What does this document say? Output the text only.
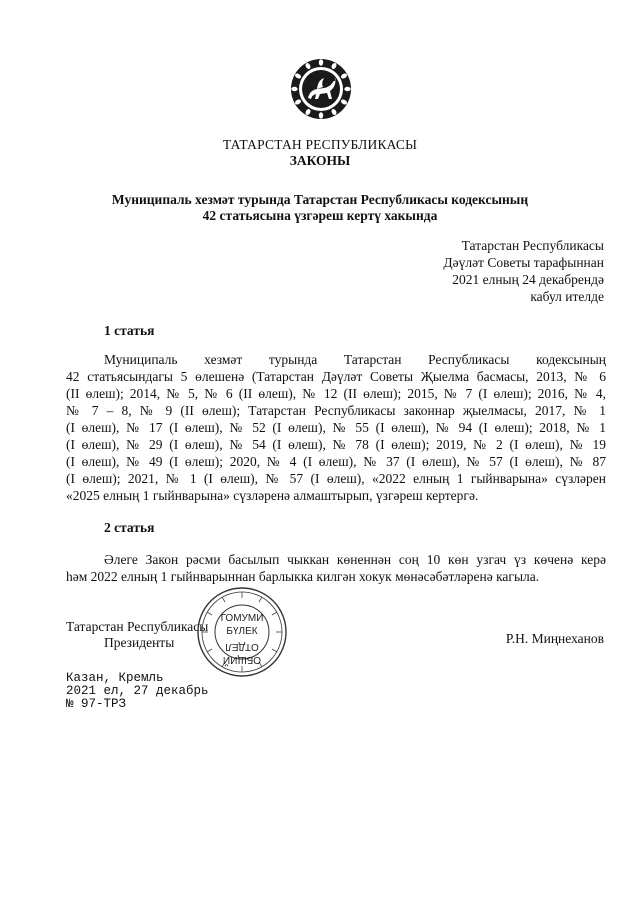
ТАТАРСТАН РЕСПУБЛИКАСЫ
ЗАКОНЫ
Муниципаль хезмәт турында Татарстан Республикасы кодексының
42 статьясына үзгәреш кертү хакында
Татарстан Республикасы
Дәүләт Советы тарафыннан
2021 елның 24 декабрендә
кабул ителде
1 статья
Муниципаль хезмәт турында Татарстан Республикасы кодексының
42 статьясындагы 5 өлешенә (Татарстан Дәүләт Советы Җыелма басмасы, 2013, № 6
(II өлеш); 2014, № 5, № 6 (II өлеш), № 12 (II өлеш); 2015, № 7 (I өлеш); 2016, № 4,
№ 7 – 8, № 9 (II өлеш); Татарстан Республикасы законнар җыелмасы, 2017, № 1
(I өлеш), № 17 (I өлеш), № 52 (I өлеш), № 55 (I өлеш), № 94 (I өлеш); 2018, № 1
(I өлеш), № 29 (I өлеш), № 54 (I өлеш), № 78 (I өлеш); 2019, № 2 (I өлеш), № 19
(I өлеш), № 49 (I өлеш); 2020, № 4 (I өлеш), № 37 (I өлеш), № 57 (I өлеш), № 87
(I өлеш); 2021, № 1 (I өлеш), № 57 (I өлеш), «2022 елның 1 гыйнварына» сүзләрен
«2025 елның 1 гыйнварына» сүзләренә алмаштырып, үзгәреш кертергә.
2 статья
Әлеге Закон рәсми басылып чыккан көненнән соң 10 көн узгач үз көченә керә
һәм 2022 елның 1 гыйнварыннан барлыкка килгән хокук мөнәсәбәтләренә кагыла.
Татарстан Республикасы
Президенты	Р.Н. Миңнеханов
ГОМУМИ
БҮЛЕК
ОТДЕЛ
ОБЩИЙ
Казан, Кремль
2021 ел, 27 декабрь
№ 97-ТРЗ
